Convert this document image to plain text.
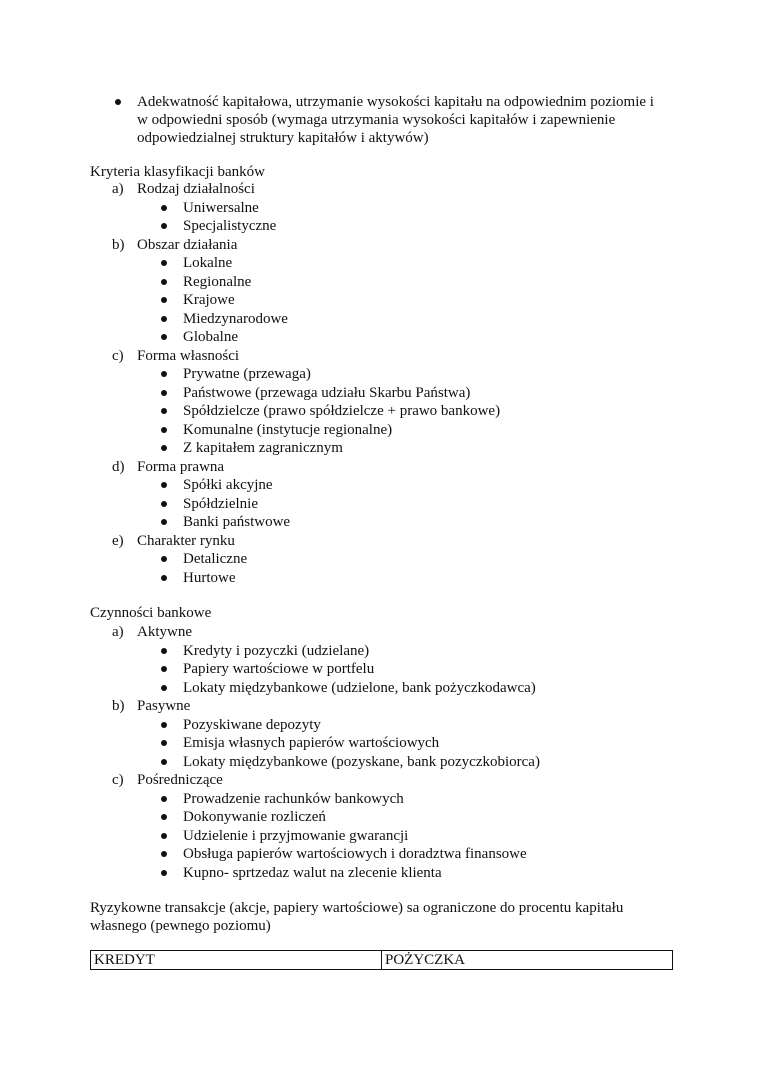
Adekwatność kapitałowa, utrzymanie wysokości kapitału na odpowiednim poziomie i
w odpowiedni sposób (wymaga utrzymania wysokości kapitałów i zapewnienie
odpowiedzialnej struktury kapitałów i aktywów)
Kryteria klasyfikacji banków
a) Rodzaj działalności
Uniwersalne
Specjalistyczne
b) Obszar działania
Lokalne
Regionalne
Krajowe
Miedzynarodowe
Globalne
c) Forma własności
Prywatne (przewaga)
Państwowe (przewaga udziału Skarbu Państwa)
Spółdzielcze (prawo spółdzielcze + prawo bankowe)
Komunalne (instytucje regionalne)
Z kapitałem zagranicznym
d) Forma prawna
Spółki akcyjne
Spółdzielnie
Banki państwowe
e) Charakter rynku
Detaliczne
Hurtowe
a) Aktywne
Kredyty i pozyczki (udzielane)
Papiery wartościowe w portfelu
Lokaty międzybankowe (udzielone, bank pożyczkodawca)
b) Pasywne
Pozyskiwane depozyty
Emisja własnych papierów wartościowych
Lokaty międzybankowe (pozyskane, bank pozyczkobiorca)
c) Pośredniczące
Prowadzenie rachunków bankowych
Dokonywanie rozliczeń
Udzielenie i przyjmowanie gwarancji
Obsługa papierów wartościowych i doradztwa finansowe
Kupno- sprtzedaz walut na zlecenie klienta
Czynności bankowe
Ryzykowne transakcje (akcje, papiery wartościowe) sa ograniczone do procentu kapitału
własnego (pewnego poziomu)
KREDYT	POŻYCZKA
